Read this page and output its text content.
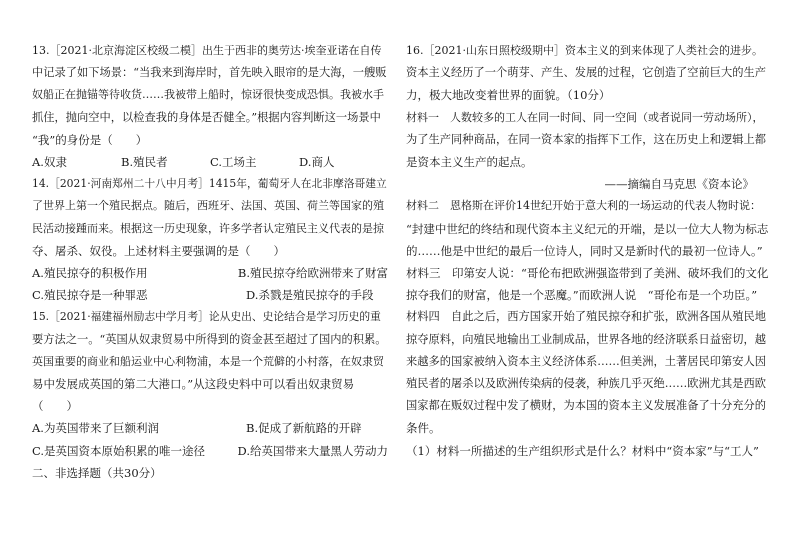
13.［2021·北京海淀区校级二模］出生于西非的奥劳达·埃奎亚诺在自传
中记录了如下场景：“当我来到海岸时，首先映入眼帘的是大海，一艘贩
奴船正在抛锚等待收货……我被带上船时，惊讶很快变成恐惧。我被水手
抓住，抛向空中，以检查我的身体是否健全。”根据内容判断这一场景中
“我”的身份是（　　）
A.奴隶	B.殖民者	C.工场主	D.商人
14.［2021·河南郑州二十八中月考］1415年，葡萄牙人在北非摩洛哥建立
了世界上第一个殖民据点。随后，西班牙、法国、英国、荷兰等国家的殖
民活动接踵而来。根据这一历史现象，许多学者认定殖民主义代表的是掠
夺、屠杀、奴役。上述材料主要强调的是（　　）
A.殖民掠夺的积极作用	B.殖民掠夺给欧洲带来了财富
C.殖民掠夺是一种罪恶	D.杀戮是殖民掠夺的手段
15.［2021·福建福州励志中学月考］论从史出、史论结合是学习历史的重
要方法之一。“英国从奴隶贸易中所得到的资金甚至超过了国内的积累。
英国重要的商业和船运业中心利物浦，本是一个荒僻的小村落，在奴隶贸
易中发展成英国的第二大港口。”从这段史料中可以看出奴隶贸易
（　　）
A.为英国带来了巨额利润	B.促成了新航路的开辟
C.是英国资本原始积累的唯一途径	D.给英国带来大量黑人劳动力
二、非选择题（共30分）
16.［2021·山东日照校级期中］资本主义的到来体现了人类社会的进步。
资本主义经历了一个萌芽、产生、发展的过程，它创造了空前巨大的生产
力，极大地改变着世界的面貌。（10分）
材料一　人数较多的工人在同一时间、同一空间（或者说同一劳动场所），
为了生产同种商品，在同一资本家的指挥下工作，这在历史上和逻辑上都
是资本主义生产的起点。
——摘编自马克思《资本论》
材料二　恩格斯在评价14世纪开始于意大利的一场运动的代表人物时说：
“封建中世纪的终结和现代资本主义纪元的开端，是以一位大人物为标志
的……他是中世纪的最后一位诗人，同时又是新时代的最初一位诗人。”
材料三　印第安人说：“哥伦布把欧洲强盗带到了美洲、破坏我们的文化
掠夺我们的财富，他是一个恶魔。”而欧洲人说　“哥伦布是一个功臣。”
材料四　自此之后，西方国家开始了殖民掠夺和扩张，欧洲各国从殖民地
掠夺原料，向殖民地输出工业制成品，世界各地的经济联系日益密切，越
来越多的国家被纳入资本主义经济体系……但美洲，土著居民印第安人因
殖民者的屠杀以及欧洲传染病的侵袭，种族几乎灭绝……欧洲尤其是西欧
国家都在贩奴过程中发了横财，为本国的资本主义发展准备了十分充分的
条件。
（1）材料一所描述的生产组织形式是什么？材料中“资本家”与“工人”
